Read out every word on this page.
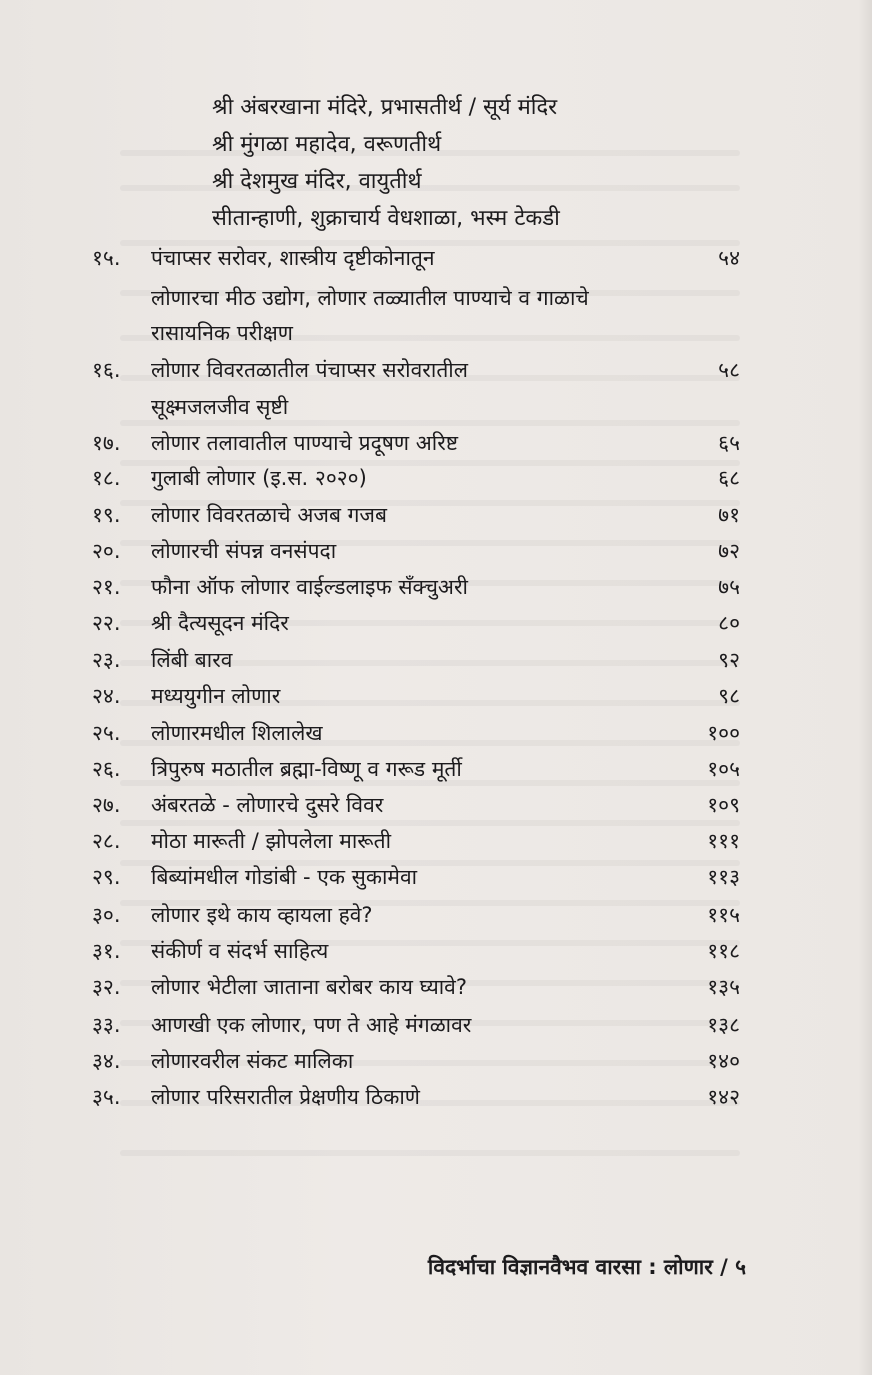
श्री अंबरखाना मंदिरे, प्रभासतीर्थ / सूर्य मंदिर
श्री मुंगळा महादेव, वरूणतीर्थ
श्री देशमुख मंदिर, वायुतीर्थ
सीतान्हाणी, शुक्राचार्य वेधशाळा, भस्म टेकडी
१५. पंचाप्सर सरोवर, शास्त्रीय दृष्टीकोनातून	५४
लोणारचा मीठ उद्योग, लोणार तळ्यातील पाण्याचे व गाळाचे
रासायनिक परीक्षण
१६. लोणार विवरतळातील पंचाप्सर सरोवरातील	५८
सूक्ष्मजलजीव सृष्टी
१७. लोणार तलावातील पाण्याचे प्रदूषण अरिष्ट	६५
१८. गुलाबी लोणार (इ.स. २०२०)	६८
१९. लोणार विवरतळाचे अजब गजब	७१
२०. लोणारची संपन्न वनसंपदा	७२
२१. फौना ऑफ लोणार वाईल्डलाइफ सँक्चुअरी	७५
२२. श्री दैत्यसूदन मंदिर	८०
२३. लिंबी बारव	९२
२४. मध्ययुगीन लोणार	९८
२५. लोणारमधील शिलालेख	१००
२६. त्रिपुरुष मठातील ब्रह्मा-विष्णू व गरूड मूर्ती	१०५
२७. अंबरतळे - लोणारचे दुसरे विवर	१०९
२८. मोठा मारूती / झोपलेला मारूती	१११
२९. बिब्यांमधील गोडांबी - एक सुकामेवा	११३
३०. लोणार इथे काय व्हायला हवे?	११५
३१. संकीर्ण व संदर्भ साहित्य	११८
३२. लोणार भेटीला जाताना बरोबर काय घ्यावे?	१३५
३३. आणखी एक लोणार, पण ते आहे मंगळावर	१३८
३४. लोणारवरील संकट मालिका	१४०
३५. लोणार परिसरातील प्रेक्षणीय ठिकाणे	१४२
विदर्भाचा विज्ञानवैभव वारसा : लोणार / ५
